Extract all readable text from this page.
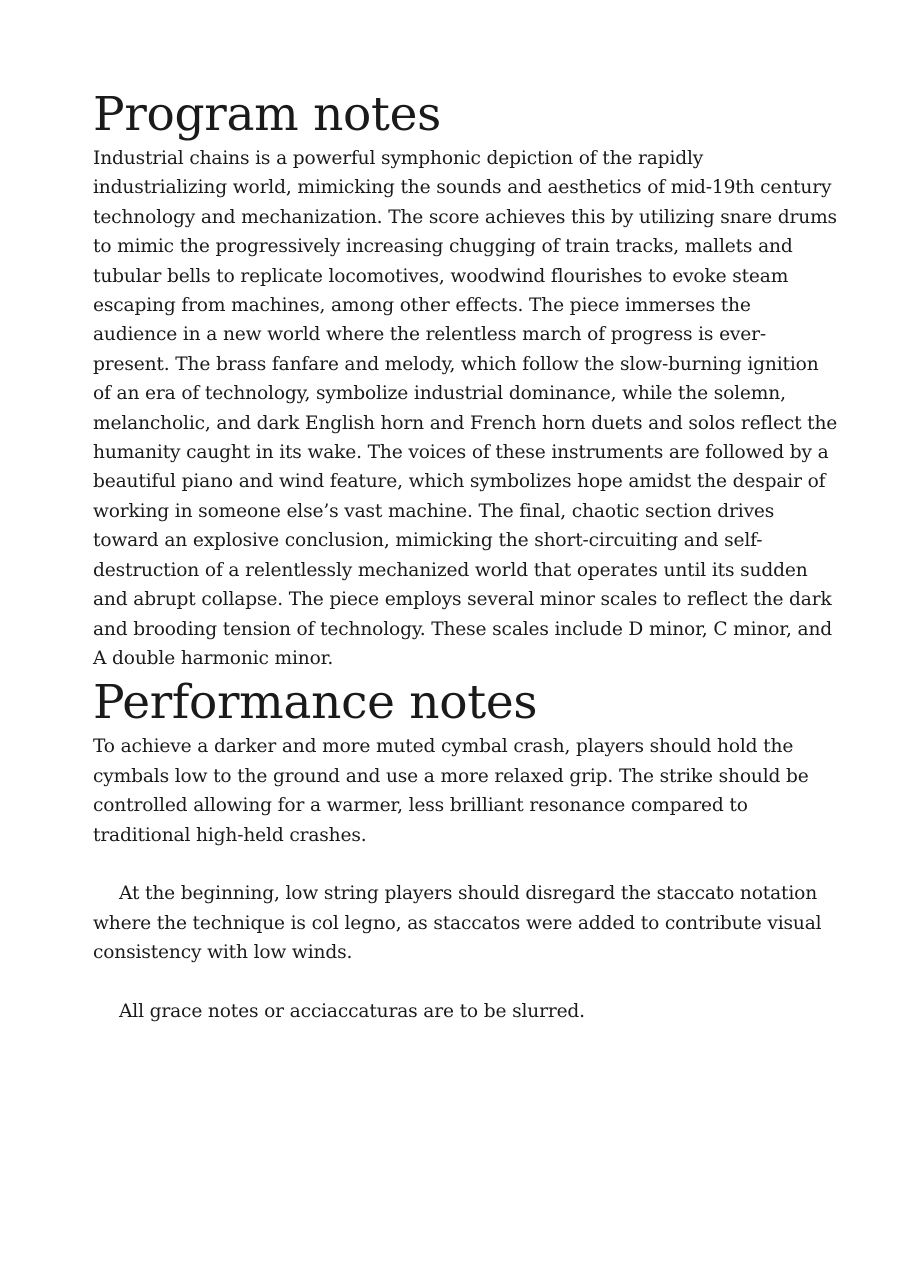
Program notes

Industrial chains is a powerful symphonic depiction of the rapidly industrializing world, mimicking the sounds and aesthetics of mid-19th century technology and mechanization. The score achieves this by utilizing snare drums to mimic the progressively increasing chugging of train tracks, mallets and tubular bells to replicate locomotives, woodwind flourishes to evoke steam escaping from machines, among other effects. The piece immerses the audience in a new world where the relentless march of progress is ever-present. The brass fanfare and melody, which follow the slow-burning ignition of an era of technology, symbolize industrial dominance, while the solemn, melancholic, and dark English horn and French horn duets and solos reflect the humanity caught in its wake. The voices of these instruments are followed by a beautiful piano and wind feature, which symbolizes hope amidst the despair of working in someone else’s vast machine. The final, chaotic section drives toward an explosive conclusion, mimicking the short-circuiting and self-destruction of a relentlessly mechanized world that operates until its sudden and abrupt collapse. The piece employs several minor scales to reflect the dark and brooding tension of technology. These scales include D minor, C minor, and A double harmonic minor.

Performance notes

To achieve a darker and more muted cymbal crash, players should hold the cymbals low to the ground and use a more relaxed grip. The strike should be controlled allowing for a warmer, less brilliant resonance compared to traditional high-held crashes.

At the beginning, low string players should disregard the staccato notation where the technique is col legno, as staccatos were added to contribute visual consistency with low winds.

All grace notes or acciaccaturas are to be slurred.
